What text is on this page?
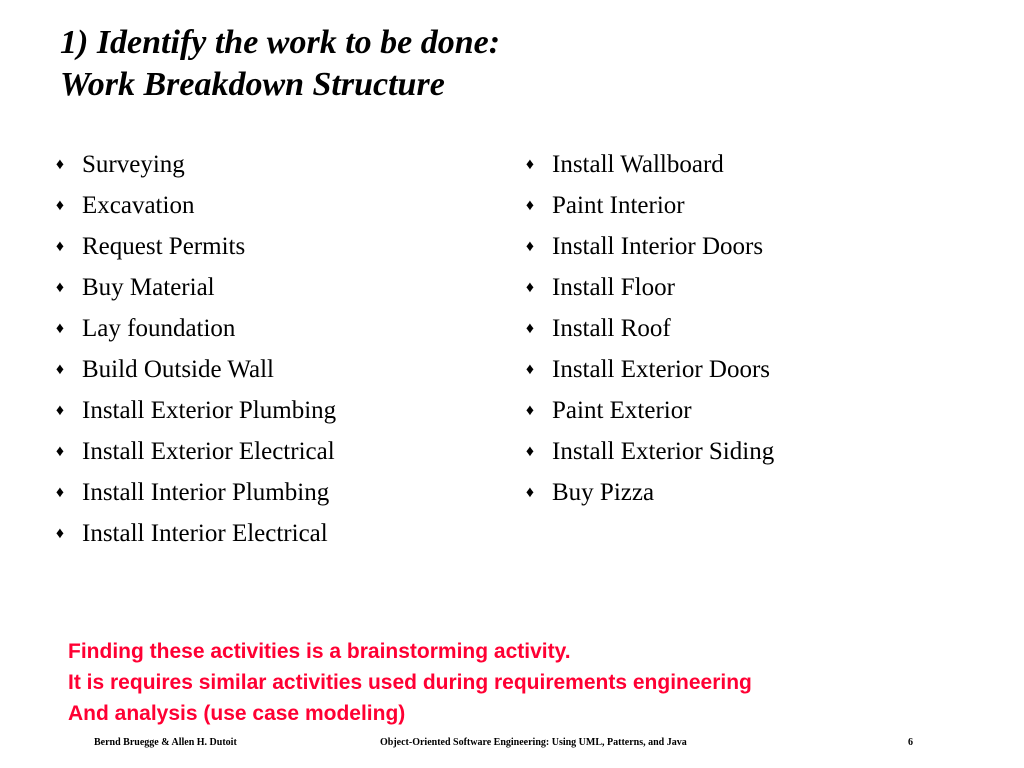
1) Identify the work to be done:
Work Breakdown Structure
♦ Surveying
♦ Excavation
♦ Request Permits
♦ Buy Material
♦ Lay foundation
♦ Build Outside Wall
♦ Install Exterior Plumbing
♦ Install Exterior Electrical
♦ Install Interior Plumbing
♦ Install Interior Electrical
♦ Install Wallboard
♦ Paint Interior
♦ Install Interior Doors
♦ Install Floor
♦ Install Roof
♦ Install Exterior Doors
♦ Paint Exterior
♦ Install Exterior Siding
♦ Buy Pizza
Finding these activities is a brainstorming activity.
It is requires similar activities used during requirements engineering
And analysis (use case modeling)
Bernd Bruegge & Allen H. Dutoit	Object-Oriented Software Engineering: Using UML, Patterns, and Java	6
